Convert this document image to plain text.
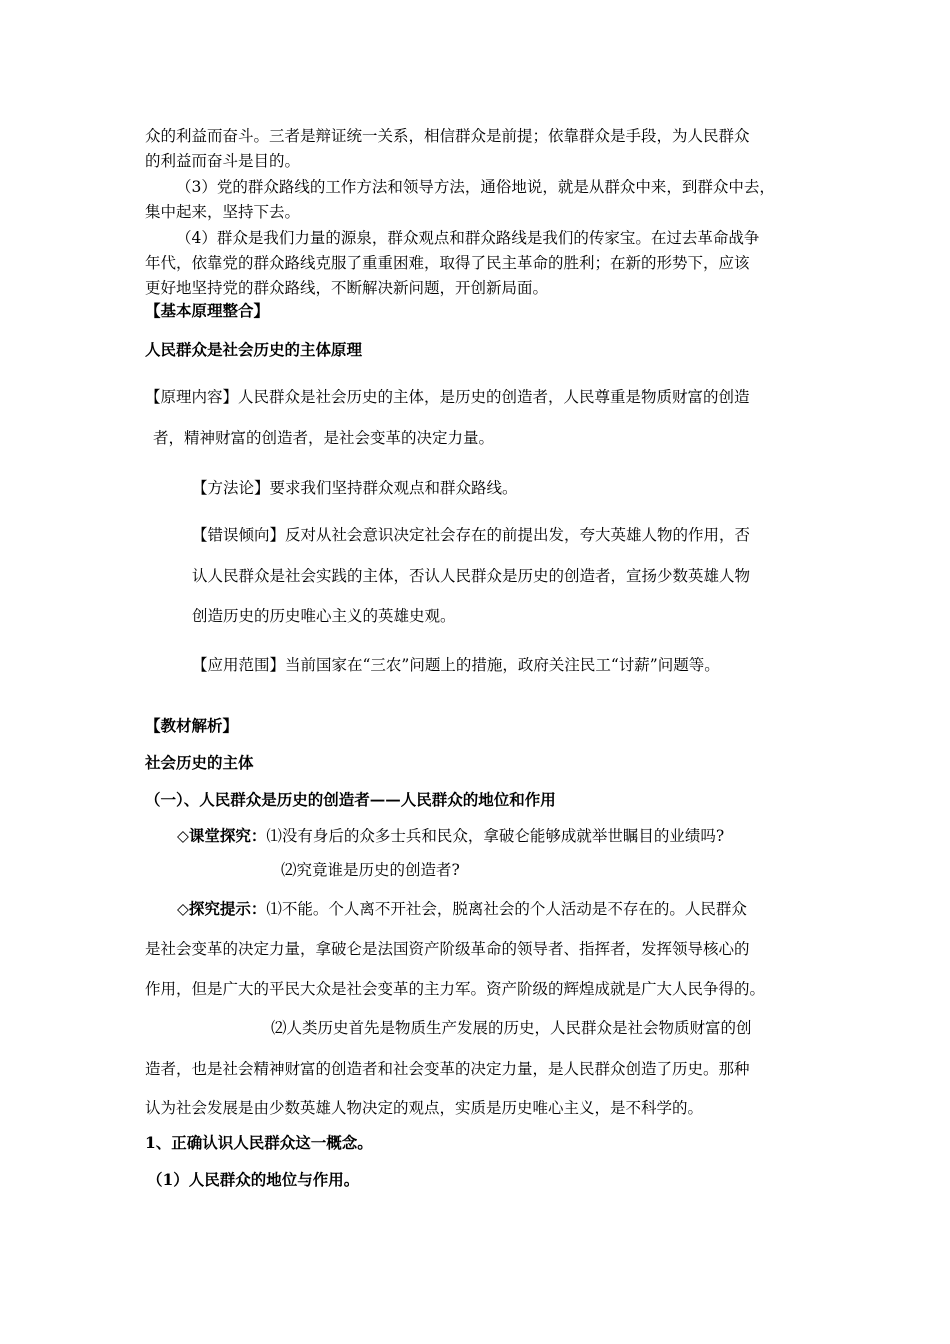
众的利益而奋斗。三者是辩证统一关系，相信群众是前提；依靠群众是手段，为人民群众

的利益而奋斗是目的。

（3）党的群众路线的工作方法和领导方法，通俗地说，就是从群众中来，到群众中去，

集中起来，坚持下去。

（4）群众是我们力量的源泉，群众观点和群众路线是我们的传家宝。在过去革命战争

年代，依靠党的群众路线克服了重重困难，取得了民主革命的胜利；在新的形势下，应该

更好地坚持党的群众路线，不断解决新问题，开创新局面。

【基本原理整合】

人民群众是社会历史的主体原理

【原理内容】人民群众是社会历史的主体，是历史的创造者，人民尊重是物质财富的创造

者，精神财富的创造者，是社会变革的决定力量。

【方法论】要求我们坚持群众观点和群众路线。

【错误倾向】反对从社会意识决定社会存在的前提出发，夸大英雄人物的作用，否

认人民群众是社会实践的主体，否认人民群众是历史的创造者，宣扬少数英雄人物

创造历史的历史唯心主义的英雄史观。

【应用范围】当前国家在“三农”问题上的措施，政府关注民工“讨薪”问题等。

【教材解析】

社会历史的主体

（一）、人民群众是历史的创造者——人民群众的地位和作用

◇课堂探究：⑴没有身后的众多士兵和民众，拿破仑能够成就举世瞩目的业绩吗?

⑵究竟谁是历史的创造者?

◇探究提示：⑴不能。个人离不开社会，脱离社会的个人活动是不存在的。人民群众

是社会变革的决定力量，拿破仑是法国资产阶级革命的领导者、指挥者，发挥领导核心的

作用，但是广大的平民大众是社会变革的主力军。资产阶级的辉煌成就是广大人民争得的。

⑵人类历史首先是物质生产发展的历史，人民群众是社会物质财富的创

造者，也是社会精神财富的创造者和社会变革的决定力量，是人民群众创造了历史。那种

认为社会发展是由少数英雄人物决定的观点，实质是历史唯心主义，是不科学的。

1、正确认识人民群众这一概念。

（1）人民群众的地位与作用。
